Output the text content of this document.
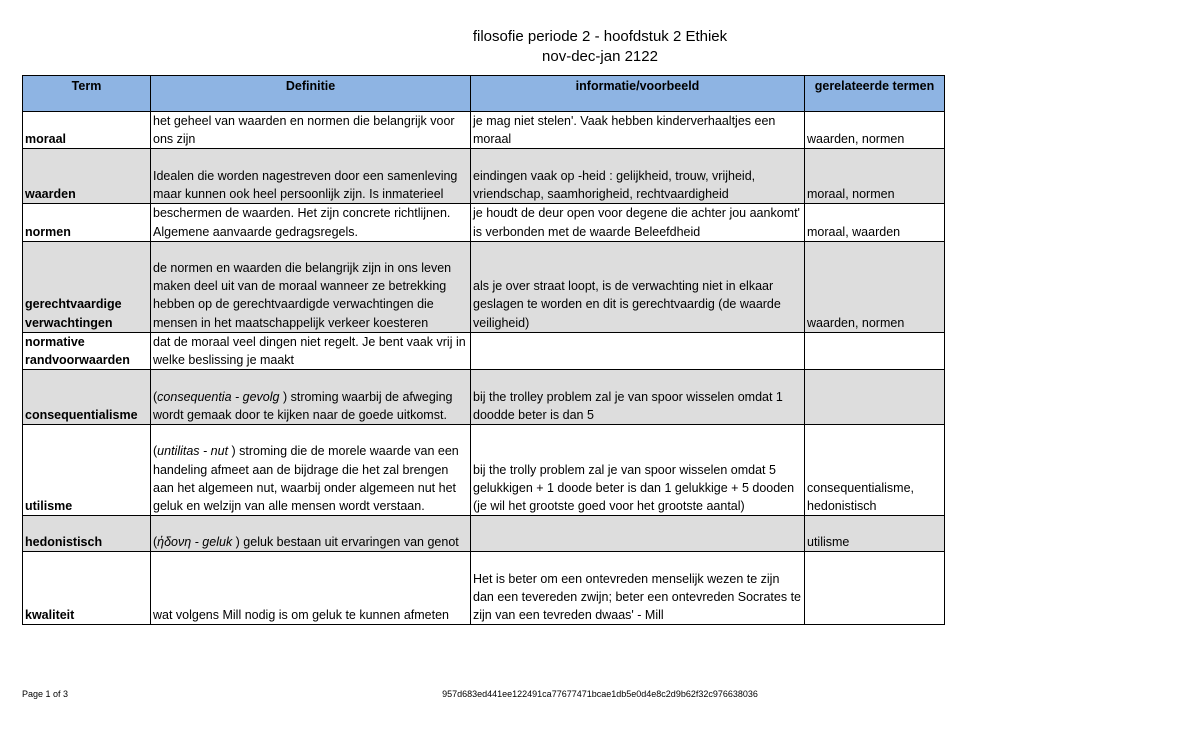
filosofie periode 2 - hoofdstuk 2 Ethiek
nov-dec-jan 2122
Term	Definitie	informatie/voorbeeld	gerelateerde termen
moraal	het geheel van waarden en normen die belangrijk voor ons zijn	je mag niet stelen'. Vaak hebben kinderverhaaltjes een moraal	waarden, normen
waarden	Idealen die worden nagestreven door een samenleving maar kunnen ook heel persoonlijk zijn. Is inmaterieel	eindingen vaak op -heid : gelijkheid, trouw, vrijheid, vriendschap, saamhorigheid, rechtvaardigheid	moraal, normen
normen	beschermen de waarden. Het zijn concrete richtlijnen. Algemene aanvaarde gedragsregels.	je houdt de deur open voor degene die achter jou aankomt' is verbonden met de waarde Beleefdheid	moraal, waarden
gerechtvaardige verwachtingen	de normen en waarden die belangrijk zijn in ons leven maken deel uit van de moraal wanneer ze betrekking hebben op de gerechtvaardigde verwachtingen die mensen in het maatschappelijk verkeer koesteren	als je over straat loopt, is de verwachting niet in elkaar geslagen te worden en dit is gerechtvaardig (de waarde veiligheid)	waarden, normen
normative randvoorwaarden	dat de moraal veel dingen niet regelt. Je bent vaak vrij in welke beslissing je maakt		
consequentialisme	(consequentia - gevolg ) stroming waarbij de afweging wordt gemaak door te kijken naar de goede uitkomst.	bij the trolley problem zal je van spoor wisselen omdat 1 doodde beter is dan 5	
utilisme	(untilitas - nut ) stroming die de morele waarde van een handeling afmeet aan de bijdrage die het zal brengen aan het algemeen nut, waarbij onder algemeen nut het geluk en welzijn van alle mensen wordt verstaan.	bij the trolly problem zal je van spoor wisselen omdat 5 gelukkigen + 1 doode beter is dan 1 gelukkige + 5 dooden (je wil het grootste goed voor het grootste aantal)	consequentialisme, hedonistisch
hedonistisch	(ἡδονη - geluk ) geluk bestaan uit ervaringen van genot		utilisme
kwaliteit	wat volgens Mill nodig is om geluk te kunnen afmeten	Het is beter om een ontevreden menselijk wezen te zijn dan een tevereden zwijn; beter een ontevreden Socrates te zijn van een tevreden dwaas' - Mill	
Page 1 of 3	957d683ed441ee122491ca77677471bcae1db5e0d4e8c2d9b62f32c976638036
